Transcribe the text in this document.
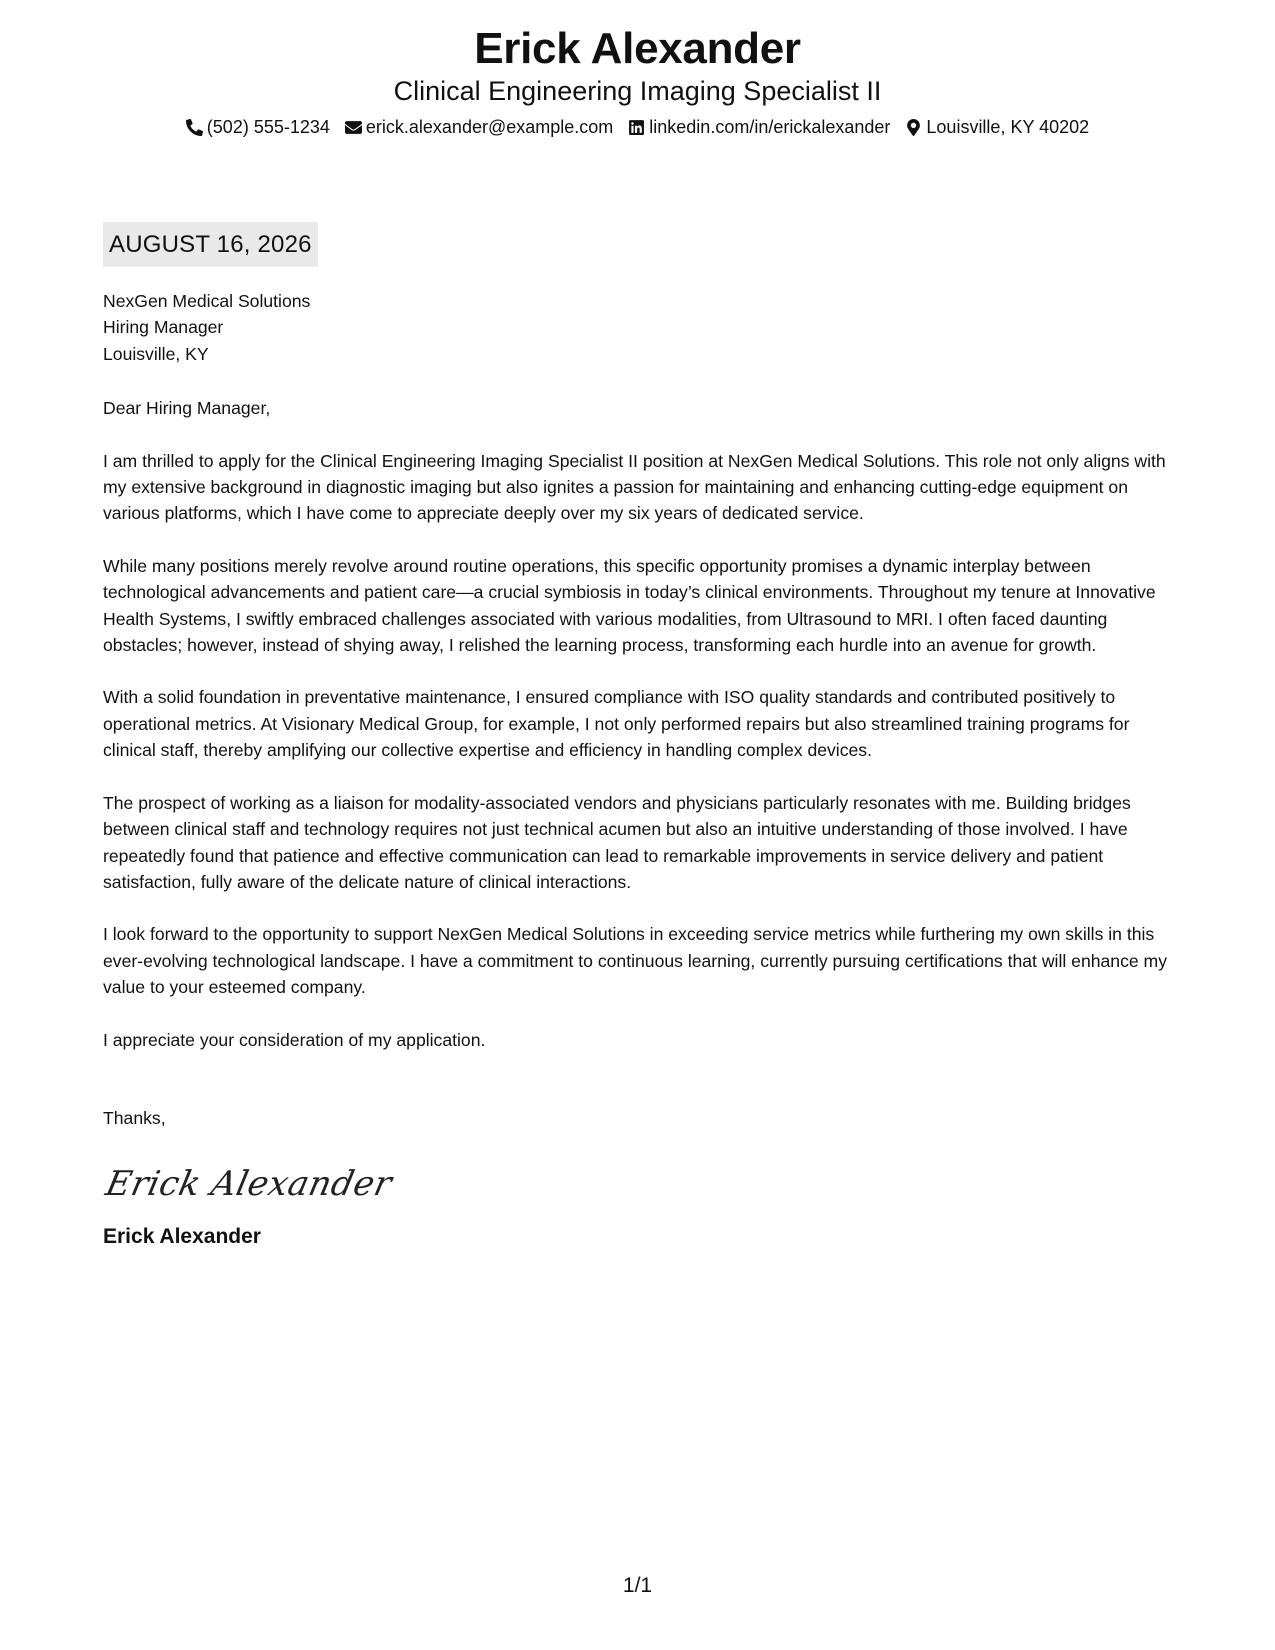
Erick Alexander
Clinical Engineering Imaging Specialist II
(502) 555-1234 erick.alexander@example.com linkedin.com/in/erickalexander Louisville, KY 40202
AUGUST 16, 2026
NexGen Medical Solutions
Hiring Manager
Louisville, KY
Dear Hiring Manager,

I am thrilled to apply for the Clinical Engineering Imaging Specialist II position at NexGen Medical Solutions. This role not only aligns with my extensive background in diagnostic imaging but also ignites a passion for maintaining and enhancing cutting-edge equipment on various platforms, which I have come to appreciate deeply over my six years of dedicated service.

While many positions merely revolve around routine operations, this specific opportunity promises a dynamic interplay between technological advancements and patient care—a crucial symbiosis in today’s clinical environments. Throughout my tenure at Innovative Health Systems, I swiftly embraced challenges associated with various modalities, from Ultrasound to MRI. I often faced daunting obstacles; however, instead of shying away, I relished the learning process, transforming each hurdle into an avenue for growth.

With a solid foundation in preventative maintenance, I ensured compliance with ISO quality standards and contributed positively to operational metrics. At Visionary Medical Group, for example, I not only performed repairs but also streamlined training programs for clinical staff, thereby amplifying our collective expertise and efficiency in handling complex devices.

The prospect of working as a liaison for modality-associated vendors and physicians particularly resonates with me. Building bridges between clinical staff and technology requires not just technical acumen but also an intuitive understanding of those involved. I have repeatedly found that patience and effective communication can lead to remarkable improvements in service delivery and patient satisfaction, fully aware of the delicate nature of clinical interactions.

I look forward to the opportunity to support NexGen Medical Solutions in exceeding service metrics while furthering my own skills in this ever-evolving technological landscape. I have a commitment to continuous learning, currently pursuing certifications that will enhance my value to your esteemed company.

I appreciate your consideration of my application.
Thanks,
Erick Alexander
Erick Alexander
1/1
